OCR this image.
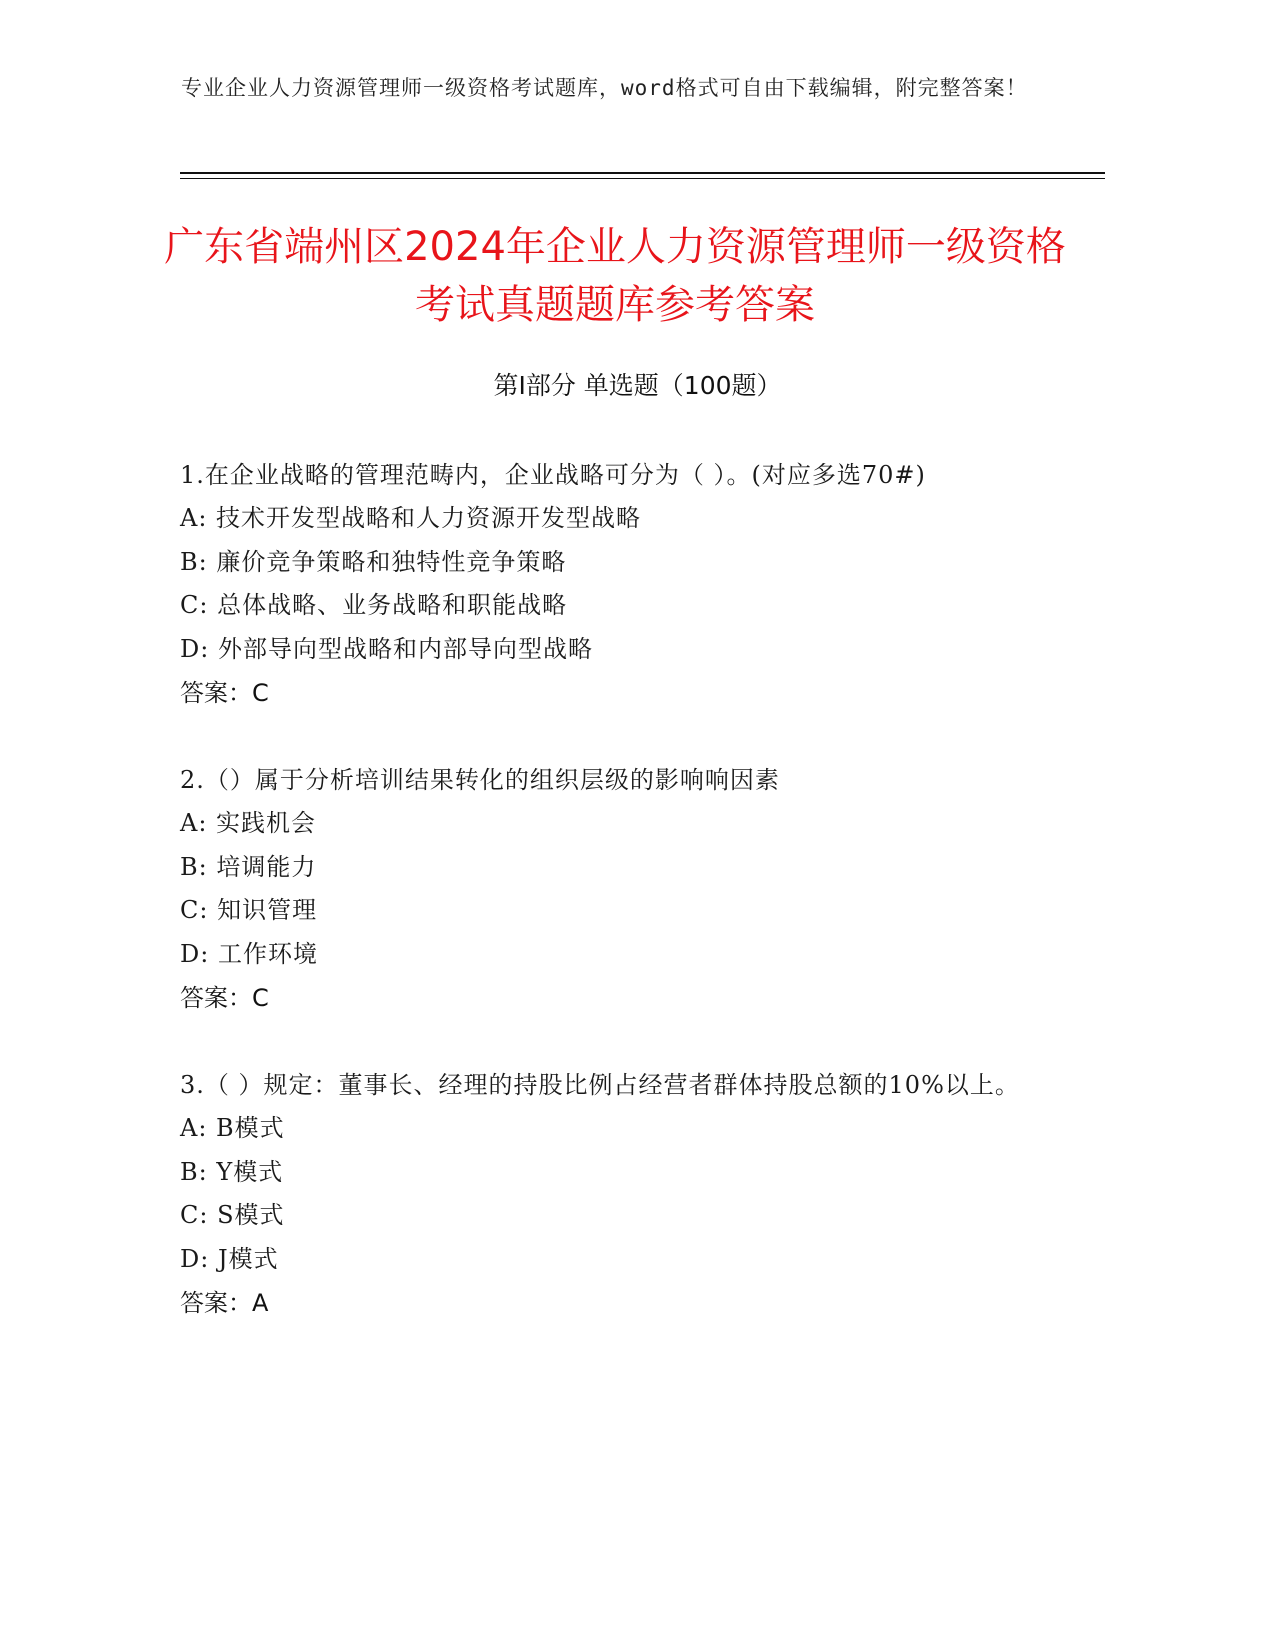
专业企业人力资源管理师一级资格考试题库，word格式可自由下载编辑，附完整答案！
广东省端州区2024年企业人力资源管理师一级资格考试真题题库参考答案
第I部分 单选题（100题）
1.在企业战略的管理范畴内，企业战略可分为（ ）。(对应多选70#)
A: 技术开发型战略和人力资源开发型战略
B: 廉价竞争策略和独特性竞争策略
C: 总体战略、业务战略和职能战略
D: 外部导向型战略和内部导向型战略
答案：C
2.（）属于分析培训结果转化的组织层级的影响响因素
A: 实践机会
B: 培调能力
C: 知识管理
D: 工作环境
答案：C
3.（ ）规定：董事长、经理的持股比例占经营者群体持股总额的10%以上。
A: B模式
B: Y模式
C: S模式
D: J模式
答案：A
